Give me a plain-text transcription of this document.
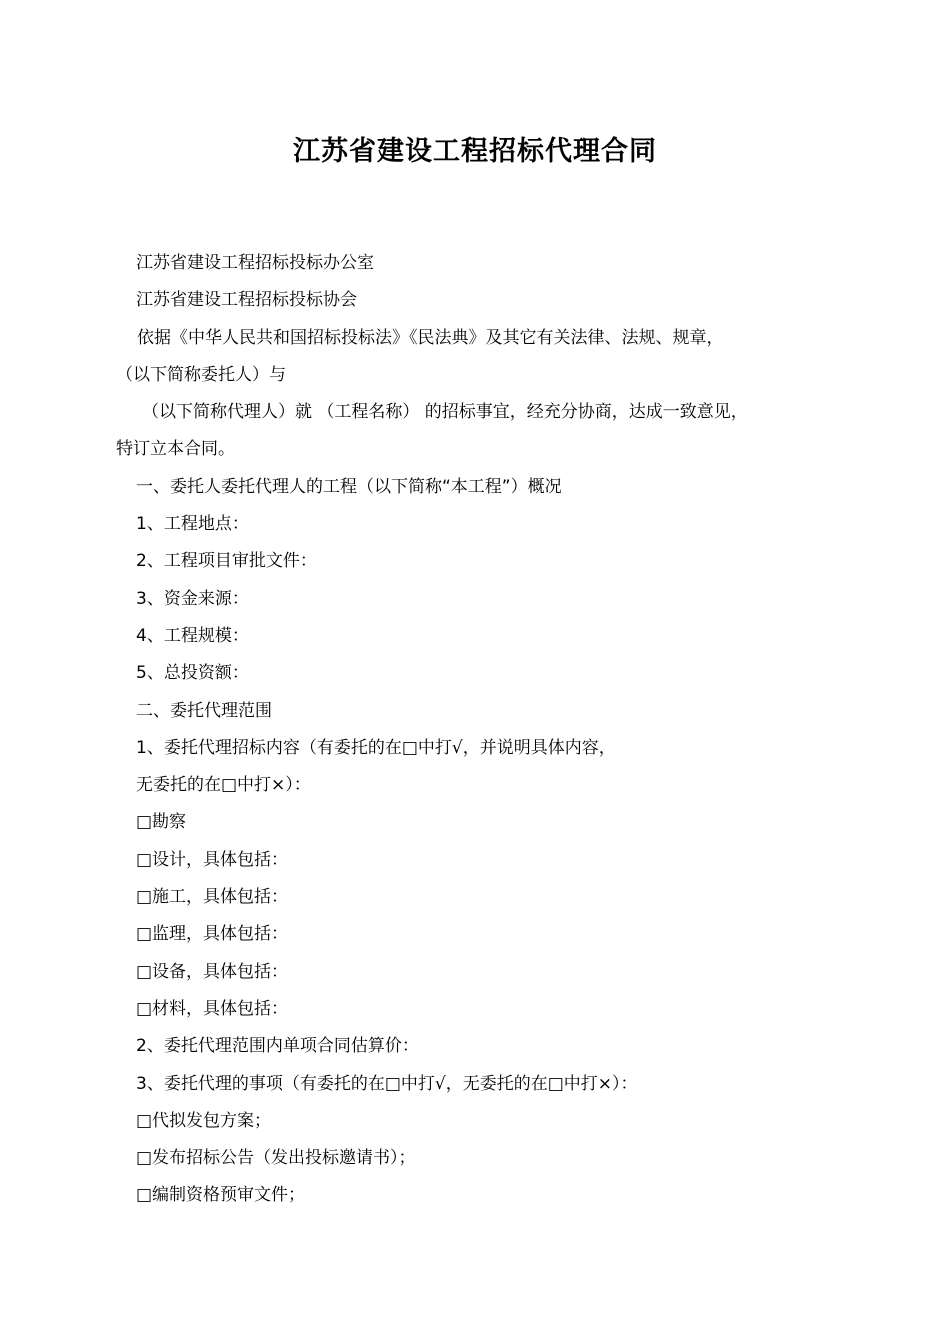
江苏省建设工程招标代理合同
江苏省建设工程招标投标办公室
江苏省建设工程招标投标协会
依据《中华人民共和国招标投标法》《民法典》及其它有关法律、法规、规章，
（以下简称委托人）与
（以下简称代理人）就 （工程名称） 的招标事宜，经充分协商，达成一致意见，
特订立本合同。
一、委托人委托代理人的工程（以下简称“本工程”）概况
1、工程地点：
2、工程项目审批文件：
3、资金来源：
4、工程规模：
5、总投资额：
二、委托代理范围
1、委托代理招标内容（有委托的在□中打√，并说明具体内容，
无委托的在□中打×）：
□勘察
□设计，具体包括：
□施工，具体包括：
□监理，具体包括：
□设备，具体包括：
□材料，具体包括：
2、委托代理范围内单项合同估算价：
3、委托代理的事项（有委托的在□中打√，无委托的在□中打×）：
□代拟发包方案；
□发布招标公告（发出投标邀请书）；
□编制资格预审文件；
